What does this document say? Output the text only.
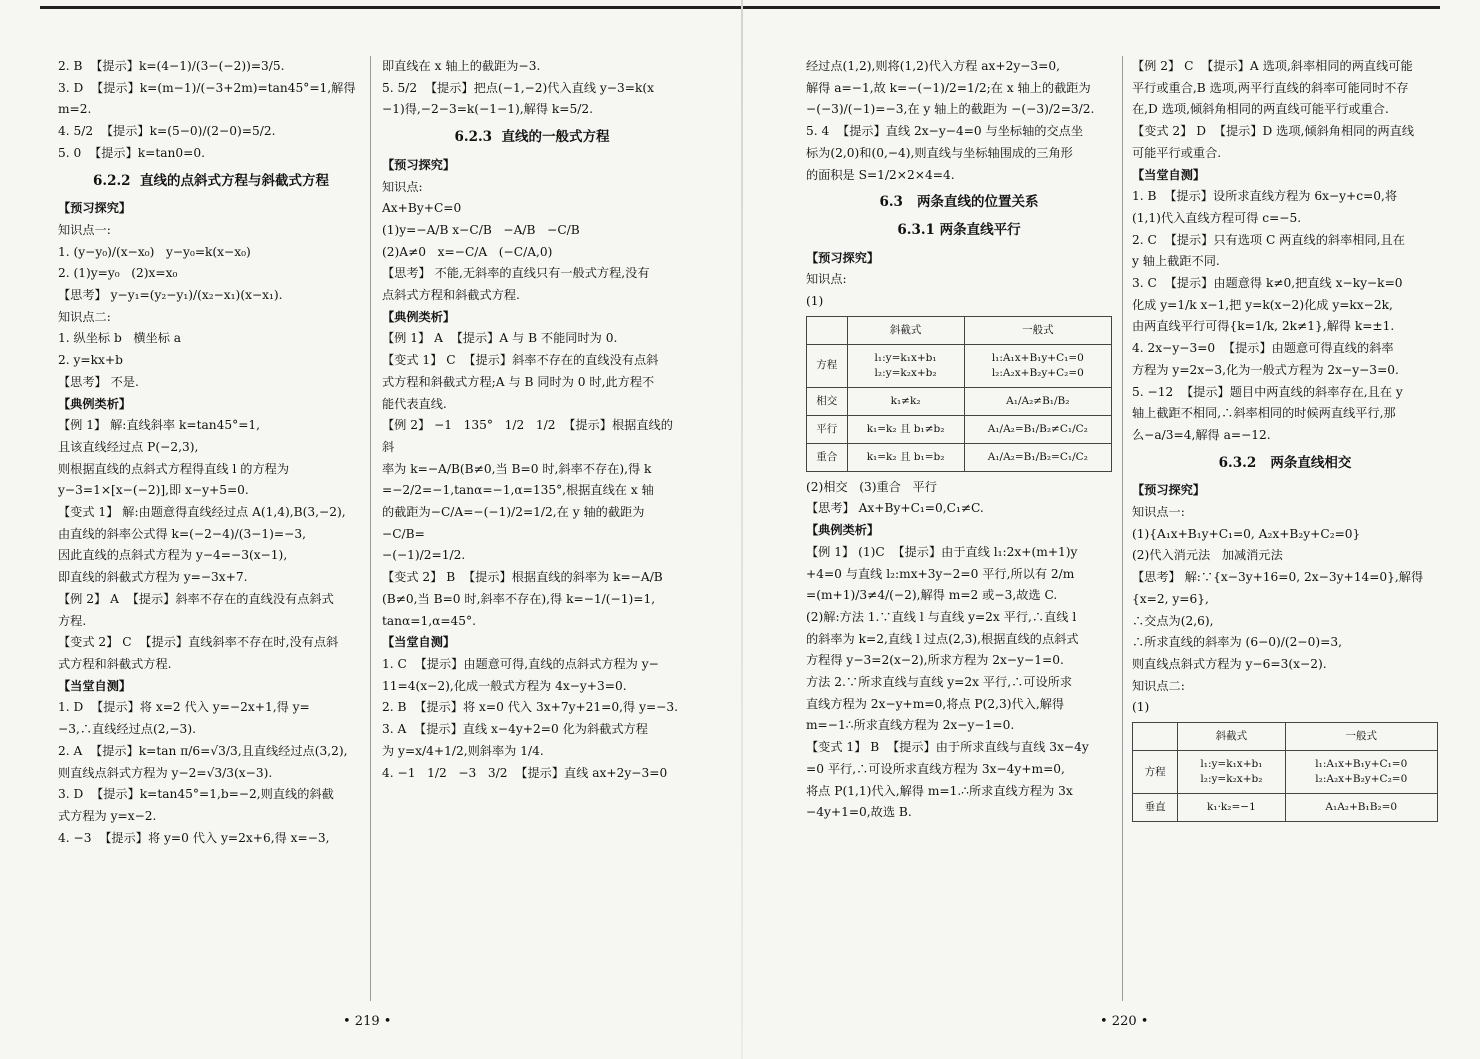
2. B  【提示】k=(4−1)/(3−(−2))=3/5.
3. D  【提示】k=(m−1)/(−3+2m)=tan45°=1,解得 m=2.
4. 5/2  【提示】k=(5−0)/(2−0)=5/2.
5. 0  【提示】k=tan0=0.
6.2.2  直线的点斜式方程与斜截式方程
【预习探究】
知识点一:
1. (y−y₀)/(x−x₀)   y−y₀=k(x−x₀)
2. (1)y=y₀   (2)x=x₀
【思考】 y−y₁=(y₂−y₁)/(x₂−x₁)(x−x₁).
知识点二:
1. 纵坐标 b   横坐标 a
2. y=kx+b
【思考】 不是.
【典例类析】
【例 1】 解:直线斜率 k=tan45°=1,
且该直线经过点 P(−2,3),
则根据直线的点斜式方程得直线 l 的方程为
y−3=1×[x−(−2)],即 x−y+5=0.
【变式 1】 解:由题意得直线经过点 A(1,4),B(3,−2),
由直线的斜率公式得 k=(−2−4)/(3−1)=−3,
因此直线的点斜式方程为 y−4=−3(x−1),
即直线的斜截式方程为 y=−3x+7.
【例 2】 A  【提示】斜率不存在的直线没有点斜式
方程.
【变式 2】 C  【提示】直线斜率不存在时,没有点斜
式方程和斜截式方程.
【当堂自测】
1. D  【提示】将 x=2 代入 y=−2x+1,得 y=
−3,∴直线经过点(2,−3).
2. A  【提示】k=tan π/6=√3/3,且直线经过点(3,2),
则直线点斜式方程为 y−2=√3/3(x−3).
3. D  【提示】k=tan45°=1,b=−2,则直线的斜截
式方程为 y=x−2.
4. −3  【提示】将 y=0 代入 y=2x+6,得 x=−3,
即直线在 x 轴上的截距为−3.
5. 5/2  【提示】把点(−1,−2)代入直线 y−3=k(x
−1)得,−2−3=k(−1−1),解得 k=5/2.
6.2.3  直线的一般式方程
【预习探究】
知识点:
Ax+By+C=0
(1)y=−A/B x−C/B   −A/B   −C/B
(2)A≠0   x=−C/A   (−C/A,0)
【思考】 不能,无斜率的直线只有一般式方程,没有
点斜式方程和斜截式方程.
【典例类析】
【例 1】 A  【提示】A 与 B 不能同时为 0.
【变式 1】 C  【提示】斜率不存在的直线没有点斜
式方程和斜截式方程;A 与 B 同时为 0 时,此方程不
能代表直线.
【例 2】 −1   135°   1/2   1/2  【提示】根据直线的斜
率为 k=−A/B(B≠0,当 B=0 时,斜率不存在),得 k
=−2/2=−1,tanα=−1,α=135°,根据直线在 x 轴
的截距为−C/A=−(−1)/2=1/2,在 y 轴的截距为−C/B=
−(−1)/2=1/2.
【变式 2】 B  【提示】根据直线的斜率为 k=−A/B
(B≠0,当 B=0 时,斜率不存在),得 k=−1/(−1)=1,
tanα=1,α=45°.
【当堂自测】
1. C  【提示】由题意可得,直线的点斜式方程为 y−
11=4(x−2),化成一般式方程为 4x−y+3=0.
2. B  【提示】将 x=0 代入 3x+7y+21=0,得 y=−3.
3. A  【提示】直线 x−4y+2=0 化为斜截式方程
为 y=x/4+1/2,则斜率为 1/4.
4. −1   1/2   −3   3/2  【提示】直线 ax+2y−3=0
经过点(1,2),则将(1,2)代入方程 ax+2y−3=0,
解得 a=−1,故 k=−(−1)/2=1/2;在 x 轴上的截距为
−(−3)/(−1)=−3,在 y 轴上的截距为 −(−3)/2=3/2.
5. 4  【提示】直线 2x−y−4=0 与坐标轴的交点坐
标为(2,0)和(0,−4),则直线与坐标轴围成的三角形
的面积是 S=1/2×2×4=4.
6.3   两条直线的位置关系
6.3.1 两条直线平行
【预习探究】
知识点:
(1)
	斜截式	一般式
方程	l₁:y=k₁x+b₁
l₂:y=k₂x+b₂	l₁:A₁x+B₁y+C₁=0
l₂:A₂x+B₂y+C₂=0
相交	k₁≠k₂	A₁/A₂≠B₁/B₂
平行	k₁=k₂ 且 b₁≠b₂	A₁/A₂=B₁/B₂≠C₁/C₂
重合	k₁=k₂ 且 b₁=b₂	A₁/A₂=B₁/B₂=C₁/C₂
(2)相交   (3)重合   平行
【思考】 Ax+By+C₁=0,C₁≠C.
【典例类析】
【例 1】 (1)C  【提示】由于直线 l₁:2x+(m+1)y
+4=0 与直线 l₂:mx+3y−2=0 平行,所以有 2/m
=(m+1)/3≠4/(−2),解得 m=2 或−3,故选 C.
(2)解:方法 1.∵直线 l 与直线 y=2x 平行,∴直线 l
的斜率为 k=2,直线 l 过点(2,3),根据直线的点斜式
方程得 y−3=2(x−2),所求方程为 2x−y−1=0.
方法 2.∵所求直线与直线 y=2x 平行,∴可设所求
直线方程为 2x−y+m=0,将点 P(2,3)代入,解得
m=−1∴所求直线方程为 2x−y−1=0.
【变式 1】 B  【提示】由于所求直线与直线 3x−4y
=0 平行,∴可设所求直线方程为 3x−4y+m=0,
将点 P(1,1)代入,解得 m=1.∴所求直线方程为 3x
−4y+1=0,故选 B.
【例 2】 C  【提示】A 选项,斜率相同的两直线可能
平行或重合,B 选项,两平行直线的斜率可能同时不存
在,D 选项,倾斜角相同的两直线可能平行或重合.
【变式 2】 D  【提示】D 选项,倾斜角相同的两直线
可能平行或重合.
【当堂自测】
1. B  【提示】设所求直线方程为 6x−y+c=0,将
(1,1)代入直线方程可得 c=−5.
2. C  【提示】只有选项 C 两直线的斜率相同,且在
y 轴上截距不同.
3. C  【提示】由题意得 k≠0,把直线 x−ky−k=0
化成 y=1/k x−1,把 y=k(x−2)化成 y=kx−2k,
由两直线平行可得{k=1/k, 2k≠1},解得 k=±1.
4. 2x−y−3=0  【提示】由题意可得直线的斜率
方程为 y=2x−3,化为一般式方程为 2x−y−3=0.
5. −12  【提示】题目中两直线的斜率存在,且在 y
轴上截距不相同,∴斜率相同的时候两直线平行,那
么−a/3=4,解得 a=−12.
6.3.2   两条直线相交
【预习探究】
知识点一:
(1){A₁x+B₁y+C₁=0, A₂x+B₂y+C₂=0}
(2)代入消元法   加减消元法
【思考】 解:∵{x−3y+16=0, 2x−3y+14=0},解得{x=2, y=6},
∴交点为(2,6),
∴所求直线的斜率为 (6−0)/(2−0)=3,
则直线点斜式方程为 y−6=3(x−2).
知识点二:
(1)
	斜截式	一般式
方程	l₁:y=k₁x+b₁
l₂:y=k₂x+b₂	l₁:A₁x+B₁y+C₁=0
l₂:A₂x+B₂y+C₂=0
垂直	k₁·k₂=−1	A₁A₂+B₁B₂=0
• 219 •	• 220 •
